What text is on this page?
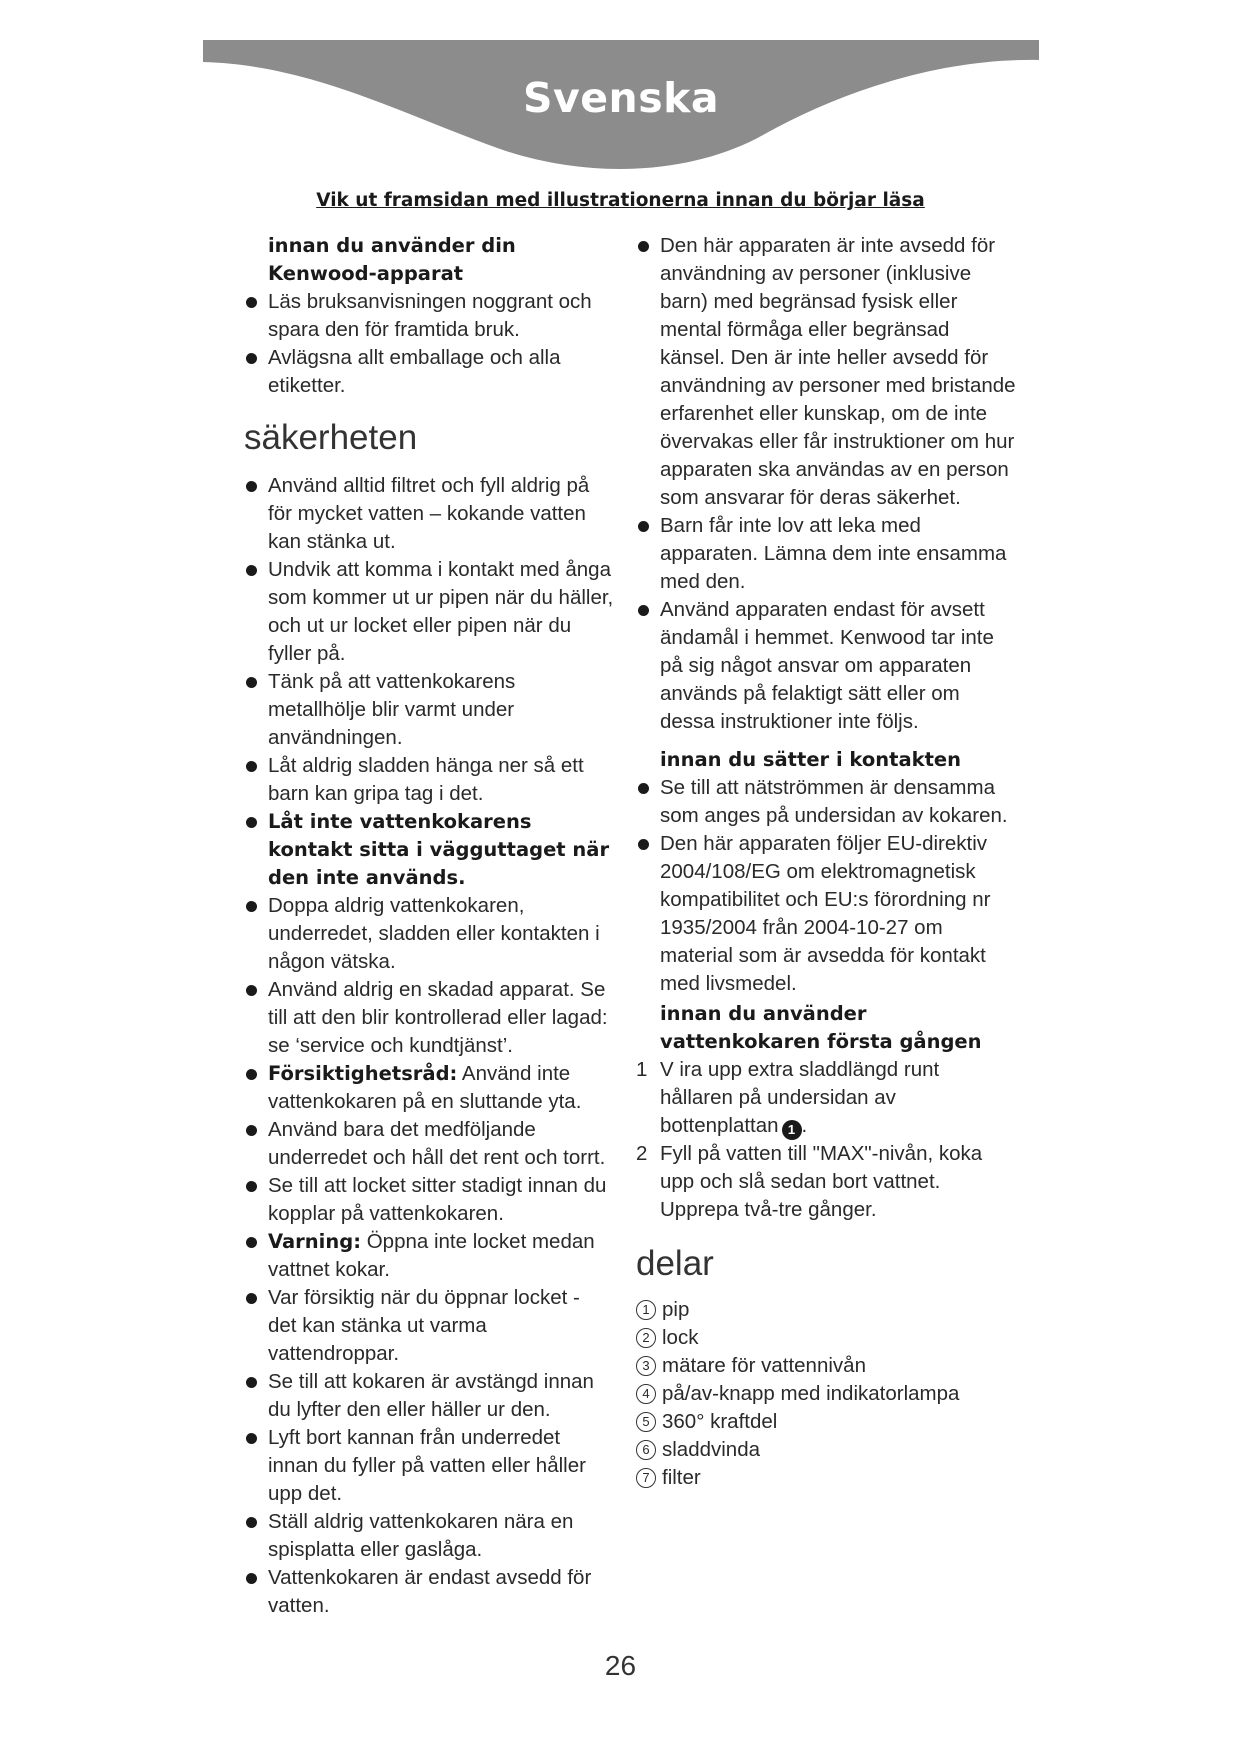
Svenska
Vik ut framsidan med illustrationerna innan du börjar läsa
innan du använder din Kenwood-apparat
Läs bruksanvisningen noggrant och spara den för framtida bruk.
Avlägsna allt emballage och alla etiketter.
säkerheten
Använd alltid filtret och fyll aldrig på för mycket vatten – kokande vatten kan stänka ut.
Undvik att komma i kontakt med ånga som kommer ut ur pipen när du häller, och ut ur locket eller pipen när du fyller på.
Tänk på att vattenkokarens metallhölje blir varmt under användningen.
Låt aldrig sladden hänga ner så ett barn kan gripa tag i det.
Låt inte vattenkokarens kontakt sitta i vägguttaget när den inte används.
Doppa aldrig vattenkokaren, underredet, sladden eller kontakten i någon vätska.
Använd aldrig en skadad apparat. Se till att den blir kontrollerad eller lagad: se ‘service och kundtjänst’.
Försiktighetsråd: Använd inte vattenkokaren på en sluttande yta.
Använd bara det medföljande underredet och håll det rent och torrt.
Se till att locket sitter stadigt innan du kopplar på vattenkokaren.
Varning: Öppna inte locket medan vattnet kokar.
Var försiktig när du öppnar locket - det kan stänka ut varma vattendroppar.
Se till att kokaren är avstängd innan du lyfter den eller häller ur den.
Lyft bort kannan från underredet innan du fyller på vatten eller håller upp det.
Ställ aldrig vattenkokaren nära en spisplatta eller gaslåga.
Vattenkokaren är endast avsedd för vatten.
Den här apparaten är inte avsedd för användning av personer (inklusive barn) med begränsad fysisk eller mental förmåga eller begränsad känsel. Den är inte heller avsedd för användning av personer med bristande erfarenhet eller kunskap, om de inte övervakas eller får instruktioner om hur apparaten ska användas av en person som ansvarar för deras säkerhet.
Barn får inte lov att leka med apparaten. Lämna dem inte ensamma med den.
Använd apparaten endast för avsett ändamål i hemmet. Kenwood tar inte på sig något ansvar om apparaten används på felaktigt sätt eller om dessa instruktioner inte följs.
innan du sätter i kontakten
Se till att nätströmmen är densamma som anges på undersidan av kokaren.
Den här apparaten följer EU-direktiv 2004/108/EG om elektromagnetisk kompatibilitet och EU:s förordning nr 1935/2004 från 2004-10-27 om material som är avsedda för kontakt med livsmedel.
innan du använder vattenkokaren första gången
1 V ira upp extra sladdlängd runt hållaren på undersidan av bottenplattan 1 .
2 Fyll på vatten till "MAX"-nivån, koka upp och slå sedan bort vattnet. Upprepa två-tre gånger.
delar
1 pip
2 lock
3 mätare för vattennivån
4 på/av-knapp med indikatorlampa
5 360° kraftdel
6 sladdvinda
7 filter
26
